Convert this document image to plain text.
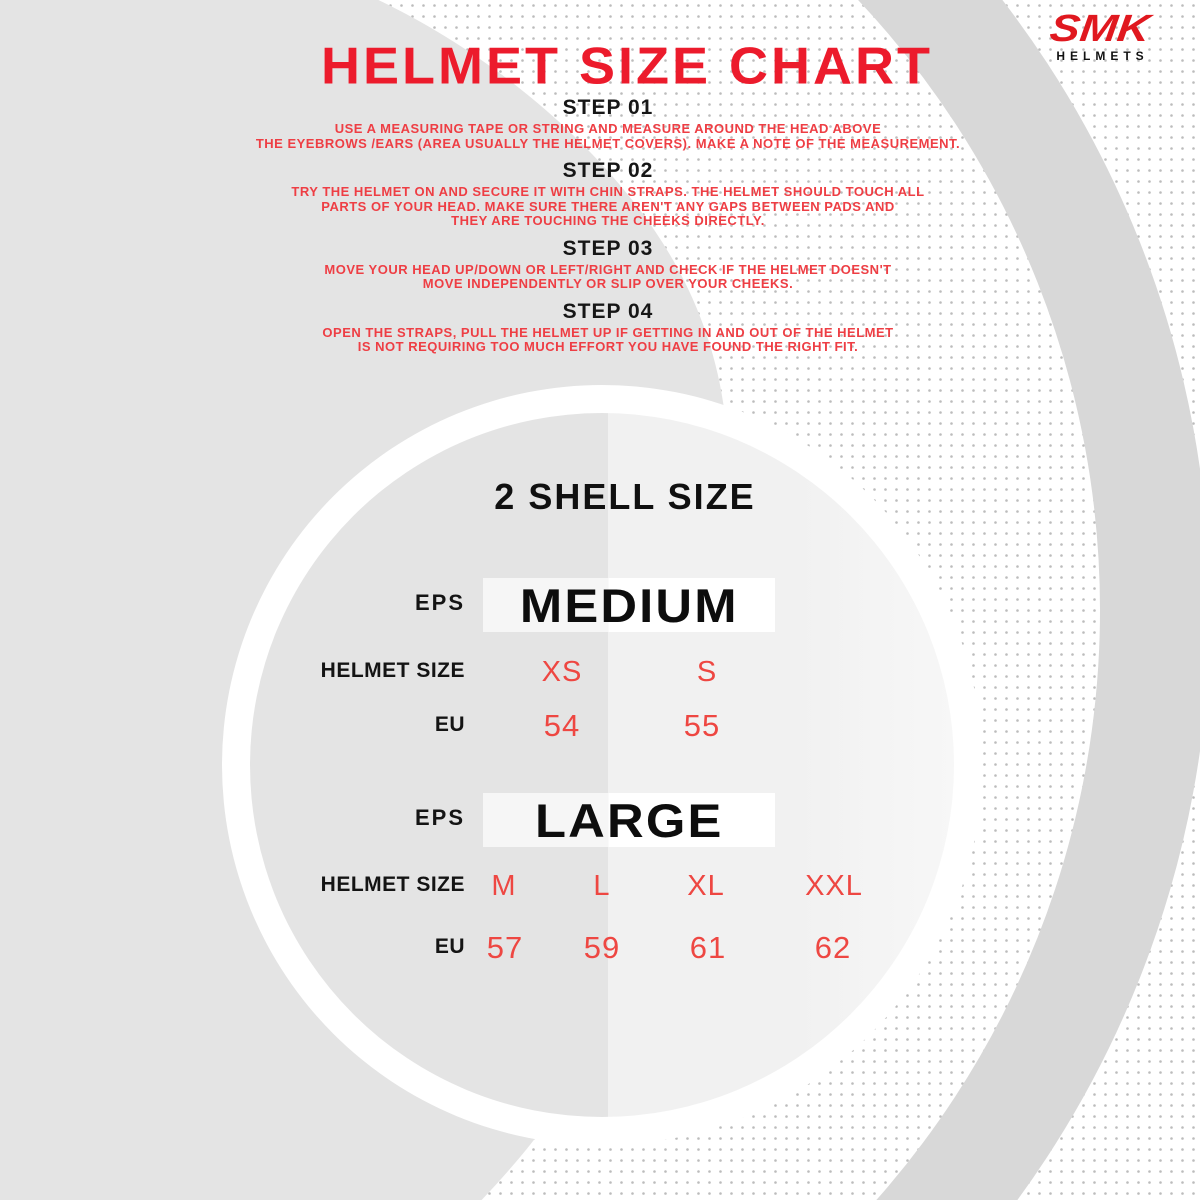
HELMET SIZE CHART
SMK
HELMETS
STEP 01
USE A MEASURING TAPE OR STRING AND MEASURE AROUND THE HEAD ABOVE
THE EYEBROWS /EARS (AREA USUALLY THE HELMET COVERS). MAKE A NOTE OF THE MEASUREMENT.
STEP 02
TRY THE HELMET ON AND SECURE IT WITH CHIN STRAPS. THE HELMET SHOULD TOUCH ALL
PARTS OF YOUR HEAD. MAKE SURE THERE AREN'T ANY GAPS BETWEEN PADS AND
THEY ARE TOUCHING THE CHEEKS DIRECTLY.
STEP 03
MOVE YOUR HEAD UP/DOWN OR LEFT/RIGHT AND CHECK IF THE HELMET DOESN'T
MOVE INDEPENDENTLY OR SLIP OVER YOUR CHEEKS.
STEP 04
OPEN THE STRAPS, PULL THE HELMET UP IF GETTING IN AND OUT OF THE HELMET
IS NOT REQUIRING TOO MUCH EFFORT YOU HAVE FOUND THE RIGHT FIT.
2 SHELL SIZE
EPS MEDIUM
HELMET SIZE	XS	S
EU	54	55
EPS LARGE
HELMET SIZE M	L	XL	XXL
EU 57	59	61	62
